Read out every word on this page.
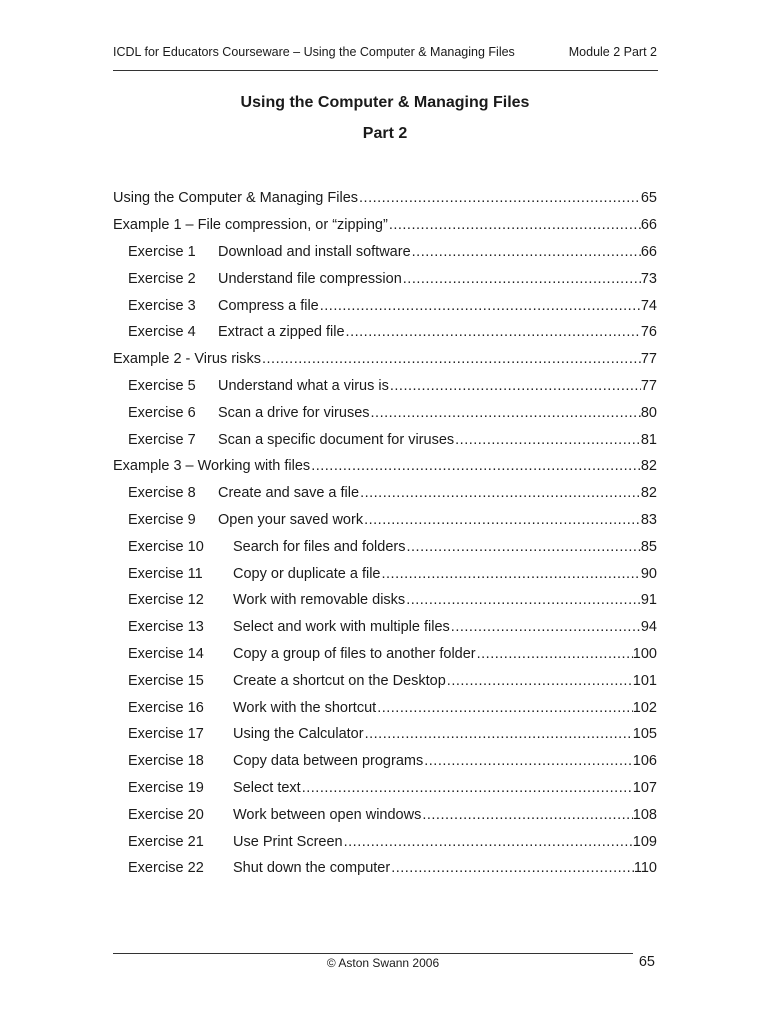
ICDL for Educators Courseware – Using the Computer & Managing Files	Module 2 Part 2
Using the Computer & Managing Files
Part 2
Using the Computer & Managing Files .....	65
Example 1 – File compression, or “zipping” .....	66
Exercise 1	Download and install software .....	66
Exercise 2	Understand file compression .....	73
Exercise 3	Compress a file .....	74
Exercise 4	Extract a zipped file .....	76
Example 2 - Virus risks .....	77
Exercise 5	Understand what a virus is .....	77
Exercise 6	Scan a drive for viruses .....	80
Exercise 7	Scan a specific document for viruses .....	81
Example 3 – Working with files .....	82
Exercise 8	Create and save a file .....	82
Exercise 9	Open your saved work .....	83
Exercise 10	Search for files and folders .....	85
Exercise 11	Copy or duplicate a file .....	90
Exercise 12	Work with removable disks .....	91
Exercise 13	Select and work with multiple files .....	94
Exercise 14	Copy a group of files to another folder .....	100
Exercise 15	Create a shortcut on the Desktop .....	101
Exercise 16	Work with the shortcut .....	102
Exercise 17	Using the Calculator .....	105
Exercise 18	Copy data between programs .....	106
Exercise 19	Select text .....	107
Exercise 20	Work between open windows .....	108
Exercise 21	Use Print Screen .....	109
Exercise 22	Shut down the computer .....	110
© Aston Swann 2006	65
